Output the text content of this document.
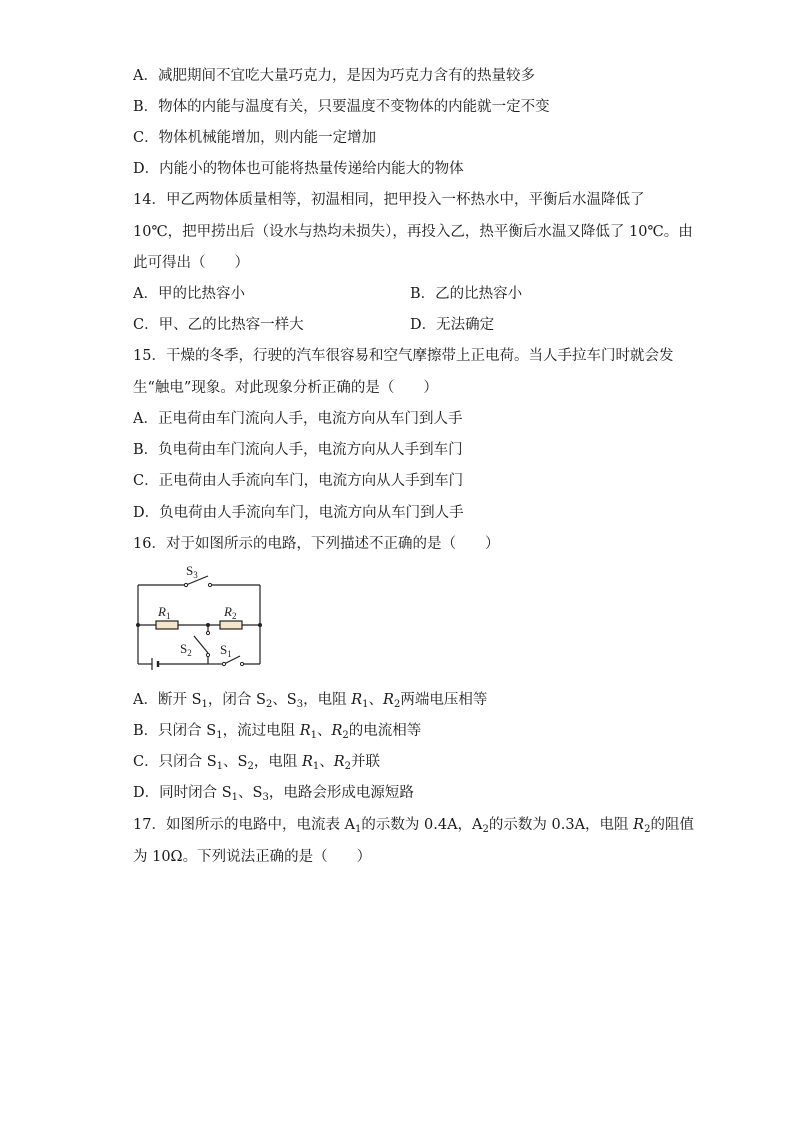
A．减肥期间不宜吃大量巧克力，是因为巧克力含有的热量较多
B．物体的内能与温度有关，只要温度不变物体的内能就一定不变
C．物体机械能增加，则内能一定增加
D．内能小的物体也可能将热量传递给内能大的物体
14．甲乙两物体质量相等，初温相同，把甲投入一杯热水中，平衡后水温降低了
10℃，把甲捞出后（设水与热均未损失），再投入乙，热平衡后水温又降低了 10℃。由
此可得出（　　）
A．甲的比热容小	B．乙的比热容小
C．甲、乙的比热容一样大	D．无法确定
15．干燥的冬季，行驶的汽车很容易和空气摩擦带上正电荷。当人手拉车门时就会发
生“触电”现象。对此现象分析正确的是（　　）
A．正电荷由车门流向人手，电流方向从车门到人手
B．负电荷由车门流向人手，电流方向从人手到车门
C．正电荷由人手流向车门，电流方向从人手到车门
D．负电荷由人手流向车门，电流方向从车门到人手
16．对于如图所示的电路，下列描述不正确的是（　　）
$S_3$
$R_1$	$R_2$
$S_2$ $S_1$
A．断开 $S_1$，闭合 $S_2$、$S_3$，电阻 $R_1$、$R_2$两端电压相等
B．只闭合 $S_1$，流过电阻 $R_1$、$R_2$的电流相等
C．只闭合 $S_1$、$S_2$，电阻 $R_1$、$R_2$并联
D．同时闭合 $S_1$、$S_3$，电路会形成电源短路
17．如图所示的电路中，电流表 $A_1$的示数为 0.4A，$A_2$的示数为 0.3A，电阻 $R_2$的阻值
为 10Ω。下列说法正确的是（　　）
